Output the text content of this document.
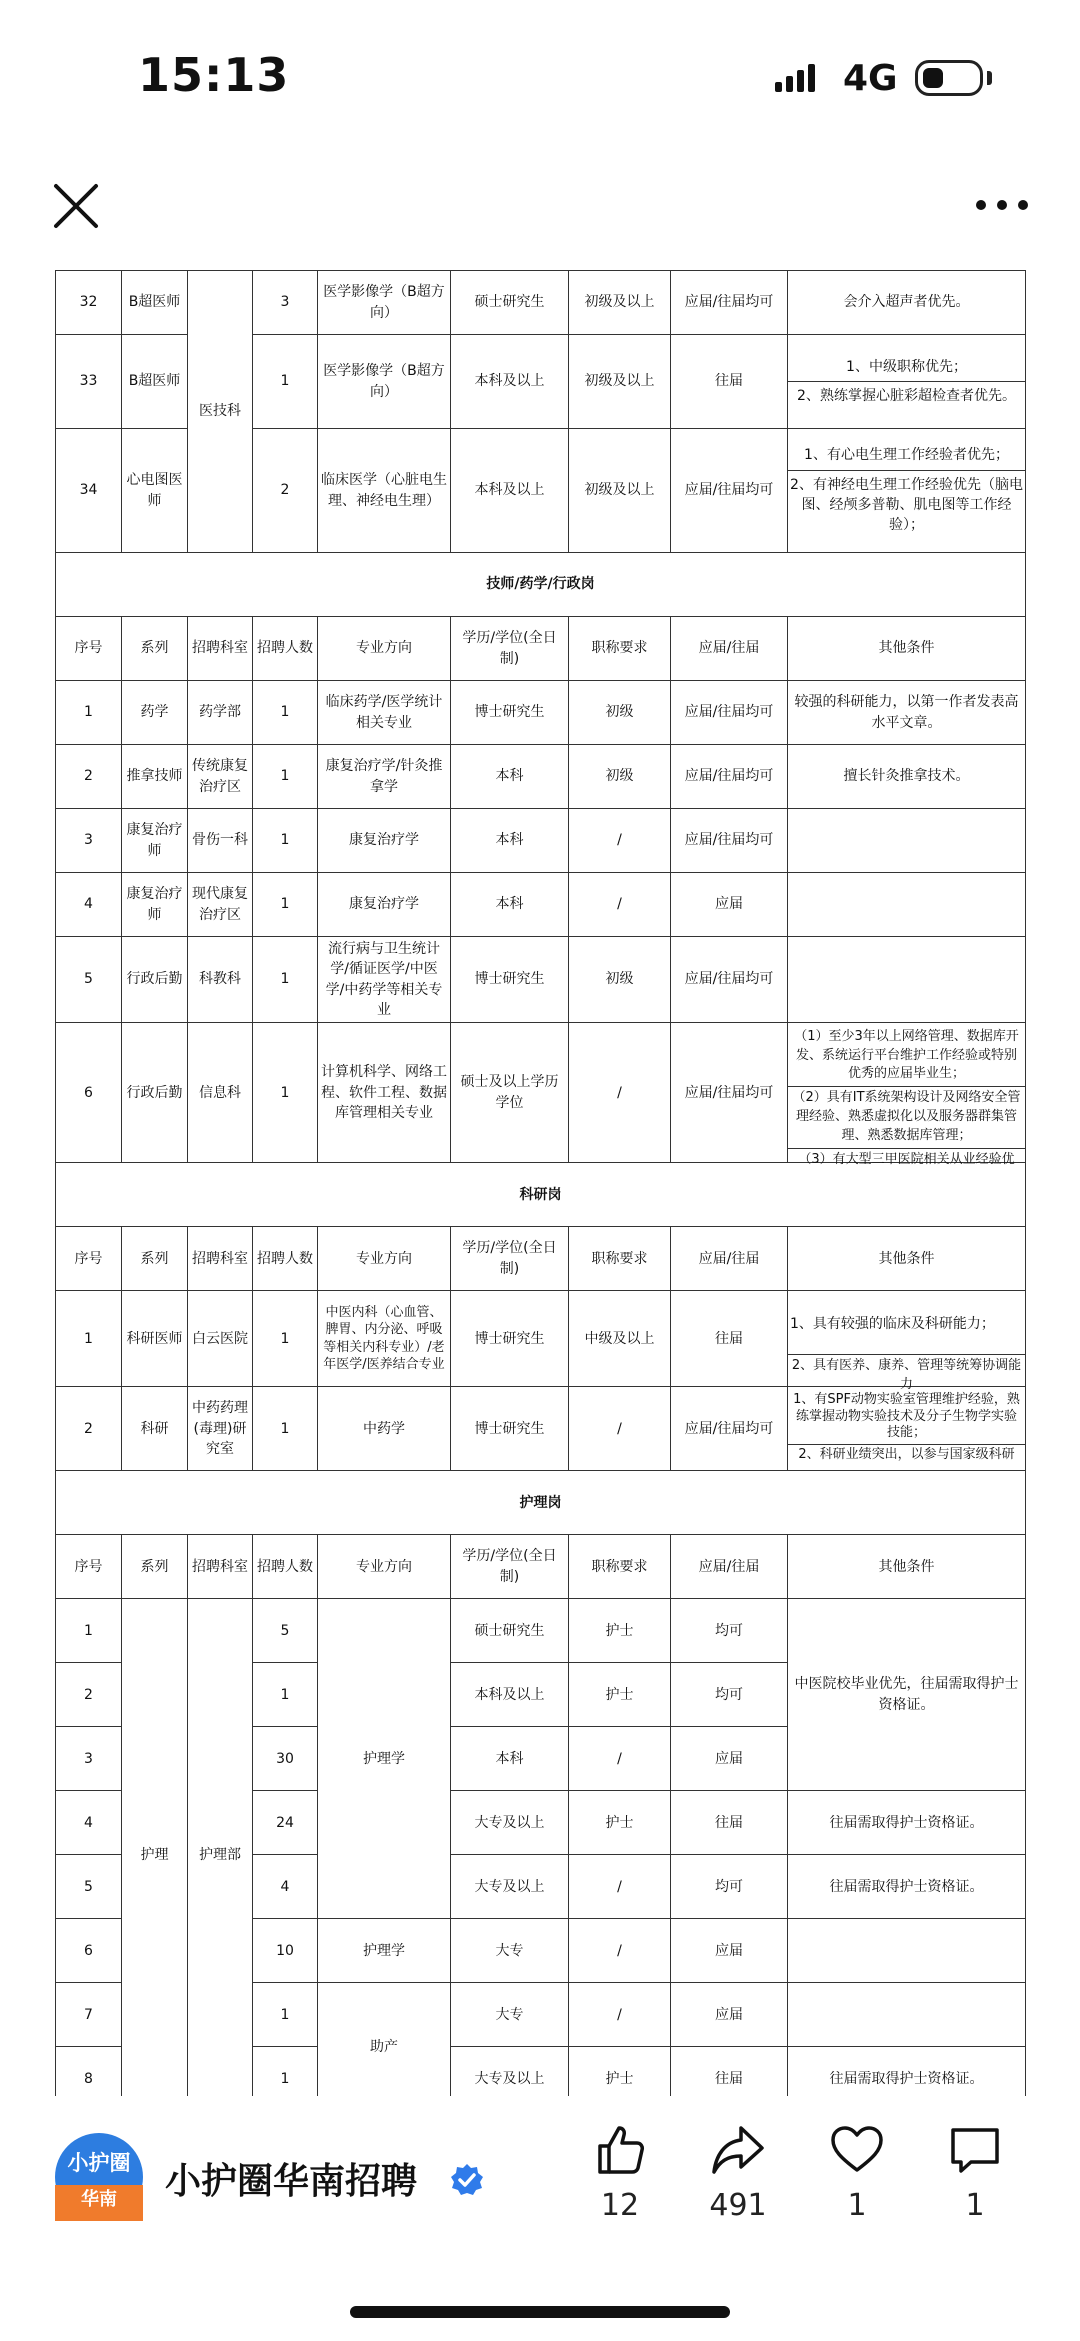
15:13	4G
32	B超医师	医技科	3	医学影像学（B超方向）	硕士研究生	初级及以上	应届/往届均可	会介入超声者优先。
33	B超医师		1	医学影像学（B超方向）	本科及以上	初级及以上	往届	1、中级职称优先；
2、熟练掌握心脏彩超检查者优先。

34	心电图医师		2	临床医学（心脏电生理、神经电生理）	本科及以上	初级及以上	应届/往届均可	1、有心电生理工作经验者优先；
2、有神经电生理工作经验优先（脑电图、经颅多普勒、肌电图等工作经验）；

技师/药学/行政岗								
序号	系列	招聘科室	招聘人数	专业方向	学历/学位(全日制)	职称要求	应届/往届	其他条件
1	药学	药学部	1	临床药学/医学统计相关专业	博士研究生	初级	应届/往届均可	较强的科研能力，以第一作者发表高水平文章。
2	推拿技师	传统康复治疗区	1	康复治疗学/针灸推拿学	本科	初级	应届/往届均可	擅长针灸推拿技术。
3	康复治疗师	骨伤一科	1	康复治疗学	本科	/	应届/往届均可	
4	康复治疗师	现代康复治疗区	1	康复治疗学	本科	/	应届	
5	行政后勤	科教科	1	流行病与卫生统计学/循证医学/中医学/中药学等相关专业	博士研究生	初级	应届/往届均可	
6	行政后勤	信息科	1	计算机科学、网络工程、软件工程、数据库管理相关专业	硕士及以上学历学位	/	应届/往届均可	（1）至少3年以上网络管理、数据库开发、系统运行平台维护工作经验或特别优秀的应届毕业生；
（2）具有IT系统架构设计及网络安全管理经验、熟悉虚拟化以及服务器群集管理、熟悉数据库管理；
（3）有大型三甲医院相关从业经验优

科研岗								
序号	系列	招聘科室	招聘人数	专业方向	学历/学位(全日制)	职称要求	应届/往届	其他条件
1	科研医师	白云医院	1	中医内科（心血管、脾胃、内分泌、呼吸等相关内科专业）/老年医学/医养结合专业	博士研究生	中级及以上	往届	1、具有较强的临床及科研能力；
2、具有医养、康养、管理等统筹协调能力

2	科研	中药药理(毒理)研究室	1	中药学	博士研究生	/	应届/往届均可	1、有SPF动物实验室管理维护经验，熟练掌握动物实验技术及分子生物学实验技能；
2、科研业绩突出，以参与国家级科研

护理岗								
序号	系列	招聘科室	招聘人数	专业方向	学历/学位(全日制)	职称要求	应届/往届	其他条件
1	护理	护理部	5	护理学	硕士研究生	护士	均可	中医院校毕业优先，往届需取得护士资格证。
2			1		本科及以上	护士	均可	
3			30		本科	/	应届	
4			24		大专及以上	护士	往届	往届需取得护士资格证。
5			4		大专及以上	/	均可	往届需取得护士资格证。
6			10	护理学	大专	/	应届	
7			1	助产	大专	/	应届	
8			1		大专及以上	护士	往届	往届需取得护士资格证。
小护圈
华南	小护圈华南招聘
12	491	1	1
